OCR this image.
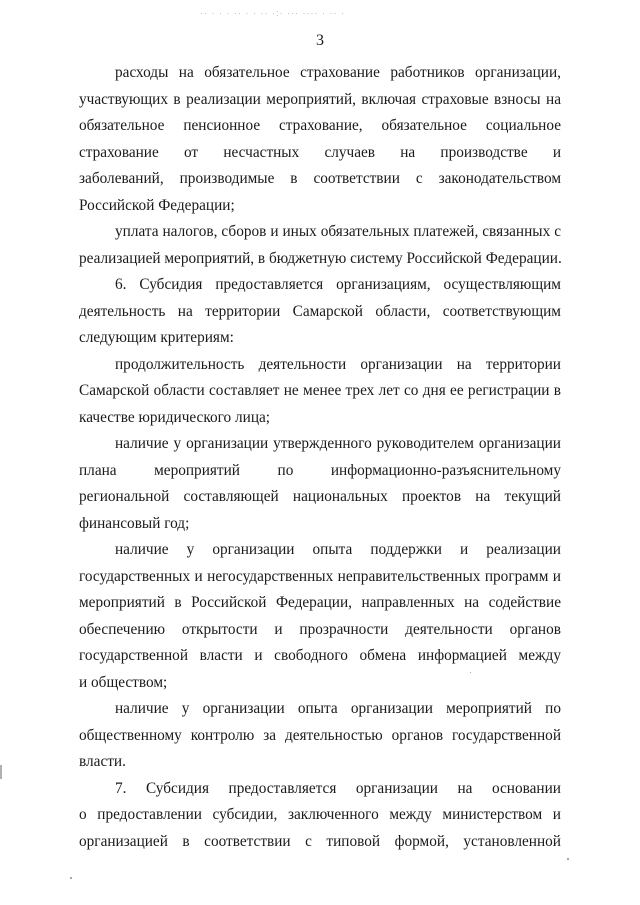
·· · · · ·· · · ·· ·:· ··· ···· · ·· ·
3
расходы на обязательное страхование работников организации,
участвующих в реализации мероприятий, включая страховые взносы на
обязательное пенсионное страхование, обязательное социальное
страхование от несчастных случаев на производстве и
заболеваний, производимые в соответствии с законодательством
Российской Федерации;
уплата налогов, сборов и иных обязательных платежей, связанных с
реализацией мероприятий, в бюджетную систему Российской Федерации.
6. Субсидия предоставляется организациям, осуществляющим
деятельность на территории Самарской области, соответствующим
следующим критериям:
продолжительность деятельности организации на территории
Самарской области составляет не менее трех лет со дня ее регистрации в
качестве юридического лица;
наличие у организации утвержденного руководителем организации
плана мероприятий по информационно-разъяснительному
региональной составляющей национальных проектов на текущий
финансовый год;
наличие у организации опыта поддержки и реализации
государственных и негосударственных неправительственных программ и
мероприятий в Российской Федерации, направленных на содействие
обеспечению открытости и прозрачности деятельности органов
государственной власти и свободного обмена информацией между
и обществом;
наличие у организации опыта организации мероприятий по
общественному контролю за деятельностью органов государственной
власти.
7. Субсидия предоставляется организации на основании
о предоставлении субсидии, заключенного между министерством и
организацией в соответствии с типовой формой, установленной
